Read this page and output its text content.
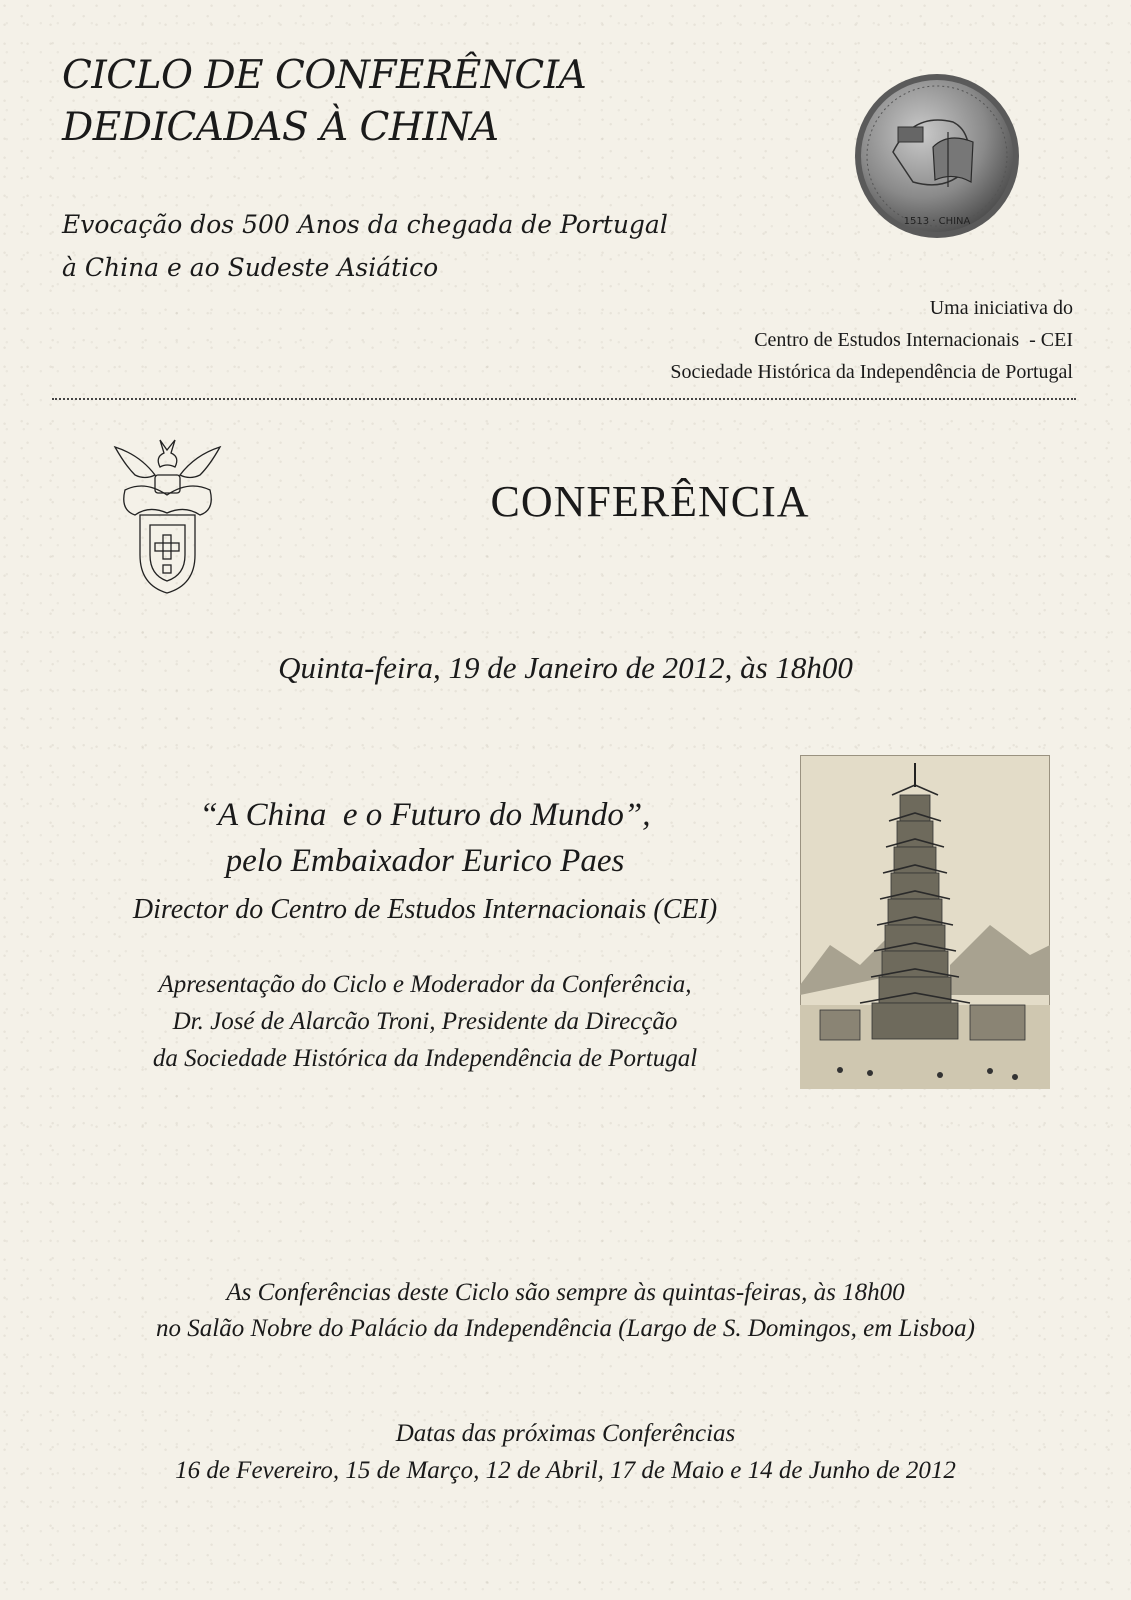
CICLO DE CONFERÊNCIA
DEDICADAS À CHINA
Evocação dos 500 Anos da chegada de Portugal
à China e ao Sudeste Asiático
1513 · CHINA
Uma iniciativa do
Centro de Estudos Internacionais  - CEI
Sociedade Histórica da Independência de Portugal
CONFERÊNCIA
Quinta-feira, 19 de Janeiro de 2012, às 18h00
“A China  e o Futuro do Mundo”,
pelo Embaixador Eurico Paes
Director do Centro de Estudos Internacionais (CEI)
Apresentação do Ciclo e Moderador da Conferência,
Dr. José de Alarcão Troni, Presidente da Direcção
da Sociedade Histórica da Independência de Portugal
As Conferências deste Ciclo são sempre às quintas-feiras, às 18h00
no Salão Nobre do Palácio da Independência (Largo de S. Domingos, em Lisboa)
Datas das próximas Conferências
16 de Fevereiro, 15 de Março, 12 de Abril, 17 de Maio e 14 de Junho de 2012
